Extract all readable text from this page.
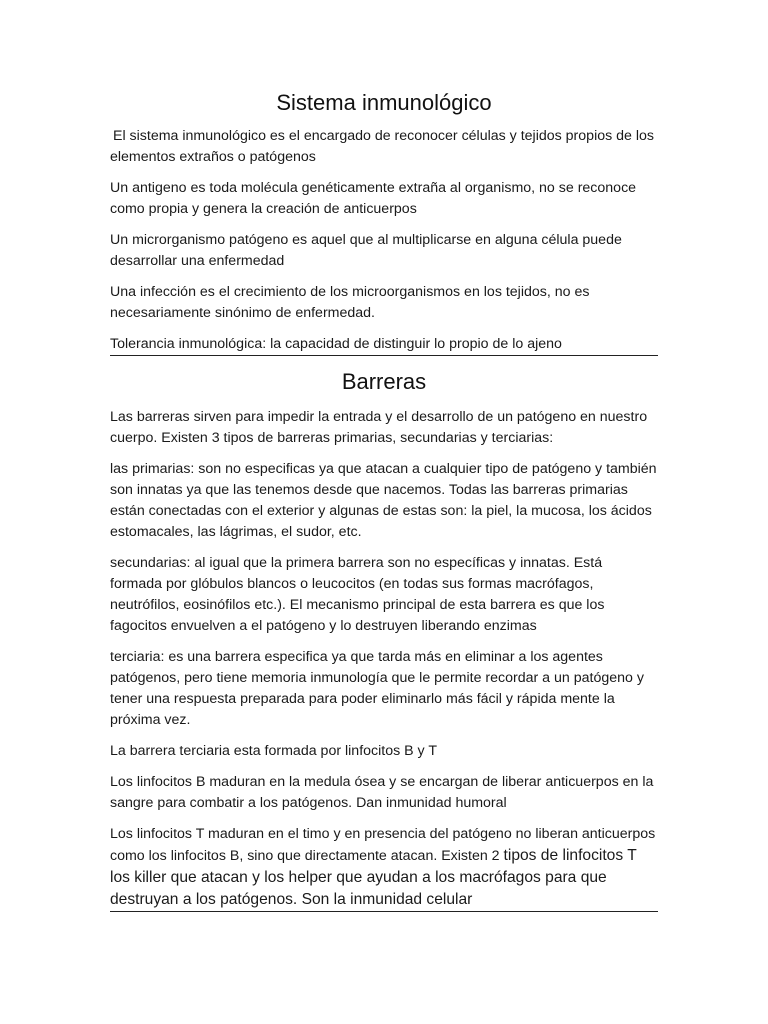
Sistema inmunológico

El sistema inmunológico es el encargado de reconocer células y tejidos propios de los elementos extraños o patógenos

Un antigeno es toda molécula genéticamente extraña al organismo, no se reconoce como propia y genera la creación de anticuerpos

Un microrganismo patógeno es aquel que al multiplicarse en alguna célula puede desarrollar una enfermedad

Una infección es el crecimiento de los microorganismos en los tejidos, no es necesariamente sinónimo de enfermedad.

Tolerancia inmunológica: la capacidad de distinguir lo propio de lo ajeno

Barreras

Las barreras sirven para impedir la entrada y el desarrollo de un patógeno en nuestro cuerpo. Existen 3 tipos de barreras primarias, secundarias y terciarias:

las primarias: son no especificas ya que atacan a cualquier tipo de patógeno y también son innatas ya que las tenemos desde que nacemos. Todas las barreras primarias están conectadas con el exterior y algunas de estas son: la piel, la mucosa, los ácidos estomacales, las lágrimas, el sudor, etc.

secundarias: al igual que la primera barrera son no específicas y innatas. Está formada por glóbulos blancos o leucocitos (en todas sus formas macrófagos, neutrófilos, eosinófilos etc.). El mecanismo principal de esta barrera es que los fagocitos envuelven a el patógeno y lo destruyen liberando enzimas

terciaria: es una barrera especifica ya que tarda más en eliminar a los agentes patógenos, pero tiene memoria inmunología que le permite recordar a un patógeno y tener una respuesta preparada para poder eliminarlo más fácil y rápida mente la próxima vez.

La barrera terciaria esta formada por linfocitos B y T

Los linfocitos B maduran en la medula ósea y se encargan de liberar anticuerpos en la sangre para combatir a los patógenos. Dan inmunidad humoral

Los linfocitos T maduran en el timo y en presencia del patógeno no liberan anticuerpos como los linfocitos B, sino que directamente atacan. Existen 2 tipos de linfocitos T los killer que atacan y los helper que ayudan a los macrófagos para que destruyan a los patógenos. Son la inmunidad celular
